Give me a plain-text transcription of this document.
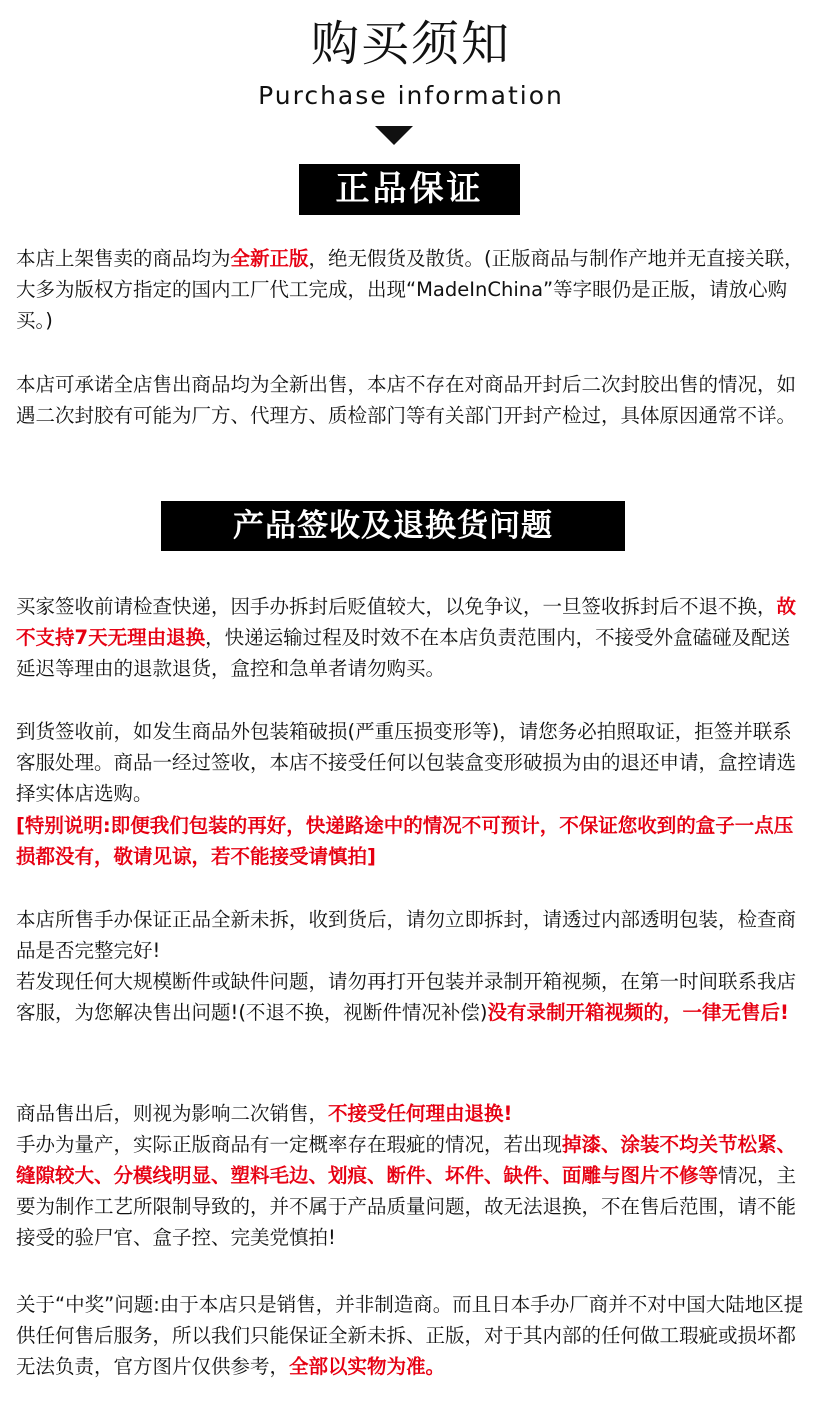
购买须知
Purchase information
正品保证

本店上架售卖的商品均为全新正版，绝无假货及散货。(正版商品与制作产地并无直接关联，大多为版权方指定的国内工厂代工完成，出现“MadeInChina”等字眼仍是正版，请放心购买。)

本店可承诺全店售出商品均为全新出售，本店不存在对商品开封后二次封胶出售的情况，如遇二次封胶有可能为厂方、代理方、质检部门等有关部门开封产检过，具体原因通常不详。

产品签收及退换货问题

买家签收前请检查快递，因手办拆封后贬值较大，以免争议，一旦签收拆封后不退不换，故不支持7天无理由退换，快递运输过程及时效不在本店负责范围内，不接受外盒磕碰及配送延迟等理由的退款退货，盒控和急单者请勿购买。

到货签收前，如发生商品外包装箱破损(严重压损变形等)，请您务必拍照取证，拒签并联系客服处理。商品一经过签收，本店不接受任何以包装盒变形破损为由的退还申请，盒控请选择实体店选购。

[特别说明:即便我们包装的再好，快递路途中的情况不可预计，不保证您收到的盒子一点压损都没有，敬请见谅，若不能接受请慎拍]

本店所售手办保证正品全新未拆，收到货后，请勿立即拆封，请透过内部透明包装，检查商品是否完整完好!

若发现任何大规模断件或缺件问题，请勿再打开包装并录制开箱视频，在第一时间联系我店客服，为您解决售出问题!(不退不换，视断件情况补偿)没有录制开箱视频的，一律无售后!

商品售出后，则视为影响二次销售，不接受任何理由退换!

手办为量产，实际正版商品有一定概率存在瑕疵的情况，若出现掉漆、涂装不均关节松紧、缝隙较大、分模线明显、塑料毛边、划痕、断件、坏件、缺件、面雕与图片不修等情况，主要为制作工艺所限制导致的，并不属于产品质量问题，故无法退换，不在售后范围，请不能接受的验尸官、盒子控、完美党慎拍!

关于“中奖”问题:由于本店只是销售，并非制造商。而且日本手办厂商并不对中国大陆地区提供任何售后服务，所以我们只能保证全新未拆、正版，对于其内部的任何做工瑕疵或损坏都无法负责，官方图片仅供参考，全部以实物为准。
